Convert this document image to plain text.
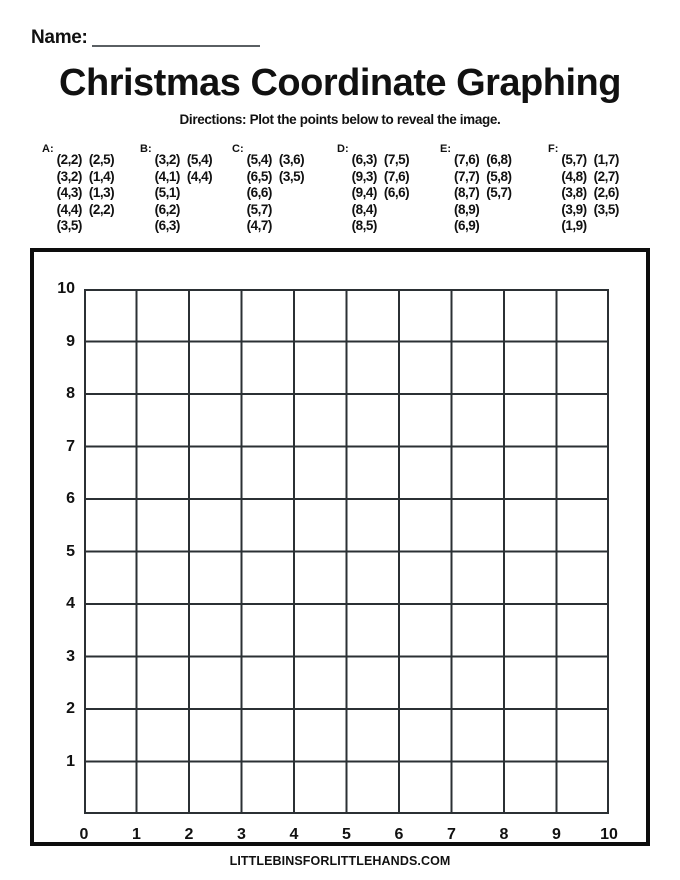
Name:
Christmas Coordinate Graphing
Directions: Plot the points below to reveal the image.
A:
(2,2)
(3,2)
(4,3)
(4,4)
(3,5)
(2,5)
(1,4)
(1,3)
(2,2)
B:
(3,2)
(4,1)
(5,1)
(6,2)
(6,3)
(5,4)
(4,4)
C:
(5,4)
(6,5)
(6,6)
(5,7)
(4,7)
(3,6)
(3,5)
D:
(6,3)
(9,3)
(9,4)
(8,4)
(8,5)
(7,5)
(7,6)
(6,6)
E:
(7,6)
(7,7)
(8,7)
(8,9)
(6,9)
(6,8)
(5,8)
(5,7)
F:
(5,7)
(4,8)
(3,8)
(3,9)
(1,9)
(1,7)
(2,7)
(2,6)
(3,5)
1
2
3
4
5
6
7
8
9
10
0	1	2	3	4	5	6	7	8	9 10
LITTLEBINSFORLITTLEHANDS.COM
